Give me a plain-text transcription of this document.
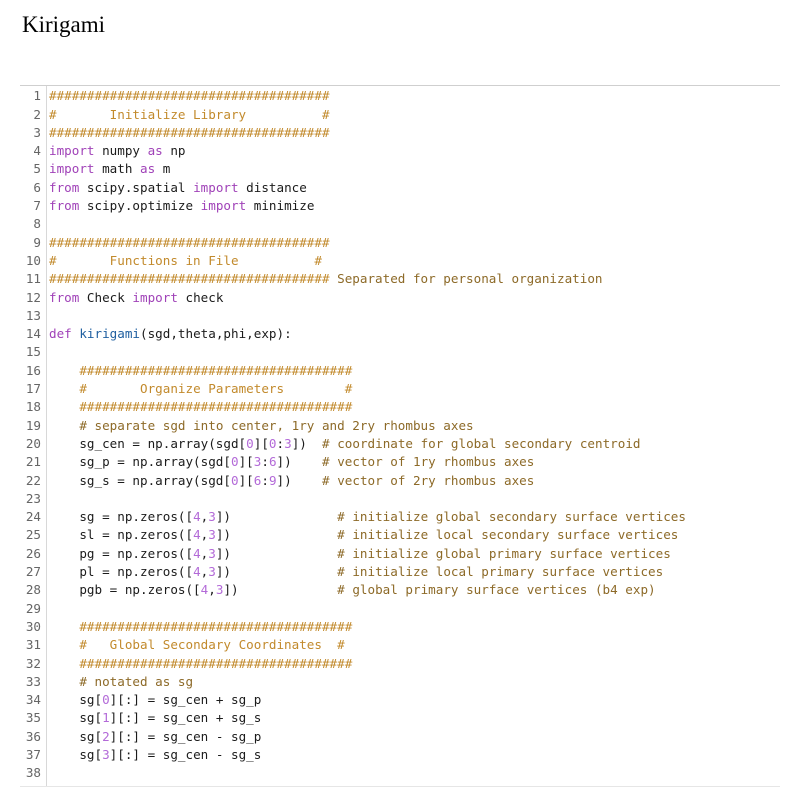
Kirigami
1 #####################################
2 #       Initialize Library          #
3 #####################################
4 import numpy as np
5 import math as m
6 from scipy.spatial import distance
7 from scipy.optimize import minimize
8
9 #####################################
10 #       Functions in File          #
11 ##################################### Separated for personal organization
12 from Check import check
13
14 def kirigami(sgd,theta,phi,exp):
15
16	####################################
17	#       Organize Parameters        #
18	####################################
19	# separate sgd into center, 1ry and 2ry rhombus axes
20 sg_cen = np.array(sgd[0][0:3])  # coordinate for global secondary centroid
21 sg_p = np.array(sgd[0][3:6])    # vector of 1ry rhombus axes
22 sg_s = np.array(sgd[0][6:9])    # vector of 2ry rhombus axes
23
24 sg = np.zeros([4,3])              # initialize global secondary surface vertices
25 sl = np.zeros([4,3])              # initialize local secondary surface vertices
26 pg = np.zeros([4,3])              # initialize global primary surface vertices
27 pl = np.zeros([4,3])              # initialize local primary surface vertices
28 pgb = np.zeros([4,3])             # global primary surface vertices (b4 exp)
29
30	####################################
31	#   Global Secondary Coordinates  #
32	####################################
33	# notated as sg
34 sg[0][:] = sg_cen + sg_p
35 sg[1][:] = sg_cen + sg_s
36 sg[2][:] = sg_cen - sg_p
37 sg[3][:] = sg_cen - sg_s
38
